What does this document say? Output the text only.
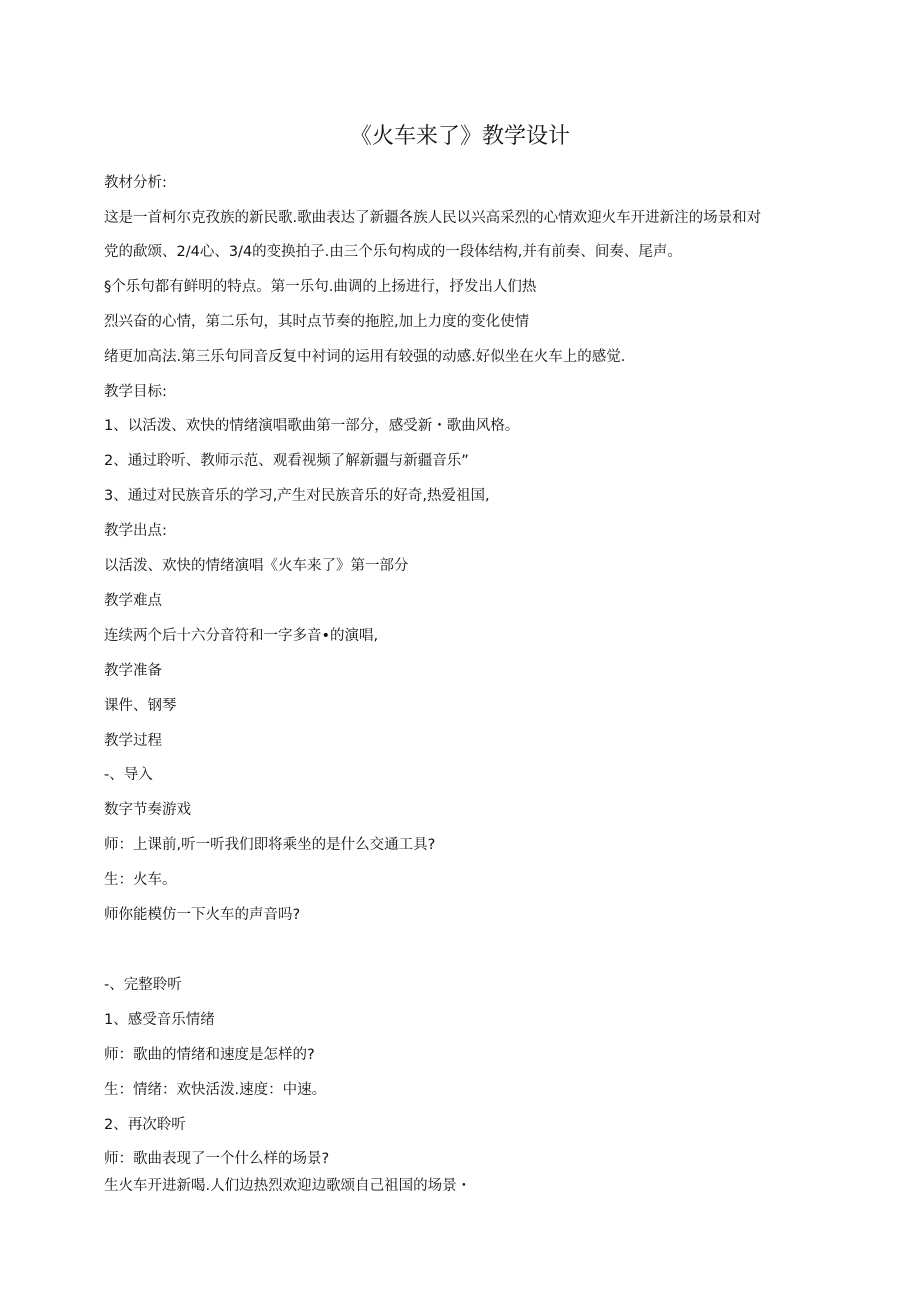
《火车来了》教学设计

教材分析:

这是一首柯尔克孜族的新民歌.歌曲表达了新疆各族人民以兴高采烈的心情欢迎火车开进新注的场景和对

党的歃颂、2/4心、3/4的变换拍子.由三个乐句构成的一段体结构,并有前奏、间奏、尾声。

§个乐句都有鲜明的特点。第一乐句.曲调的上扬进行，抒发出人们热

烈兴奋的心情，第二乐句，其时点节奏的拖腔,加上力度的变化使情

绪更加高法.第三乐句同音反复中衬词的运用有较强的动感.好似坐在火车上的感觉.

教学目标:

1、以活泼、欢快的情绪演唱歌曲第一部分，感受新・歌曲风格。

2、通过聆听、教师示范、观看视频了解新疆与新疆音乐”

3、通过对民族音乐的学习,产生对民族音乐的好奇,热爱祖国,

教学出点:

以活泼、欢快的情绪演唱《火车来了》第一部分

教学难点

连续两个后十六分音符和一字多音•的演唱,

教学准备

课件、钢琴

教学过程

-、导入

数字节奏游戏

师：上课前,听一听我们即将乘坐的是什么交通工具?

生：火车。

师你能模仿一下火车的声音吗?

-、完整聆听

1、感受音乐情绪

师：歌曲的情绪和速度是怎样的?

生：情绪：欢快活泼.速度：中速。

2、再次聆听

师：歌曲表现了一个什么样的场景?

生火车开进新喝.人们边热烈欢迎边歌颂自己祖国的场景・
